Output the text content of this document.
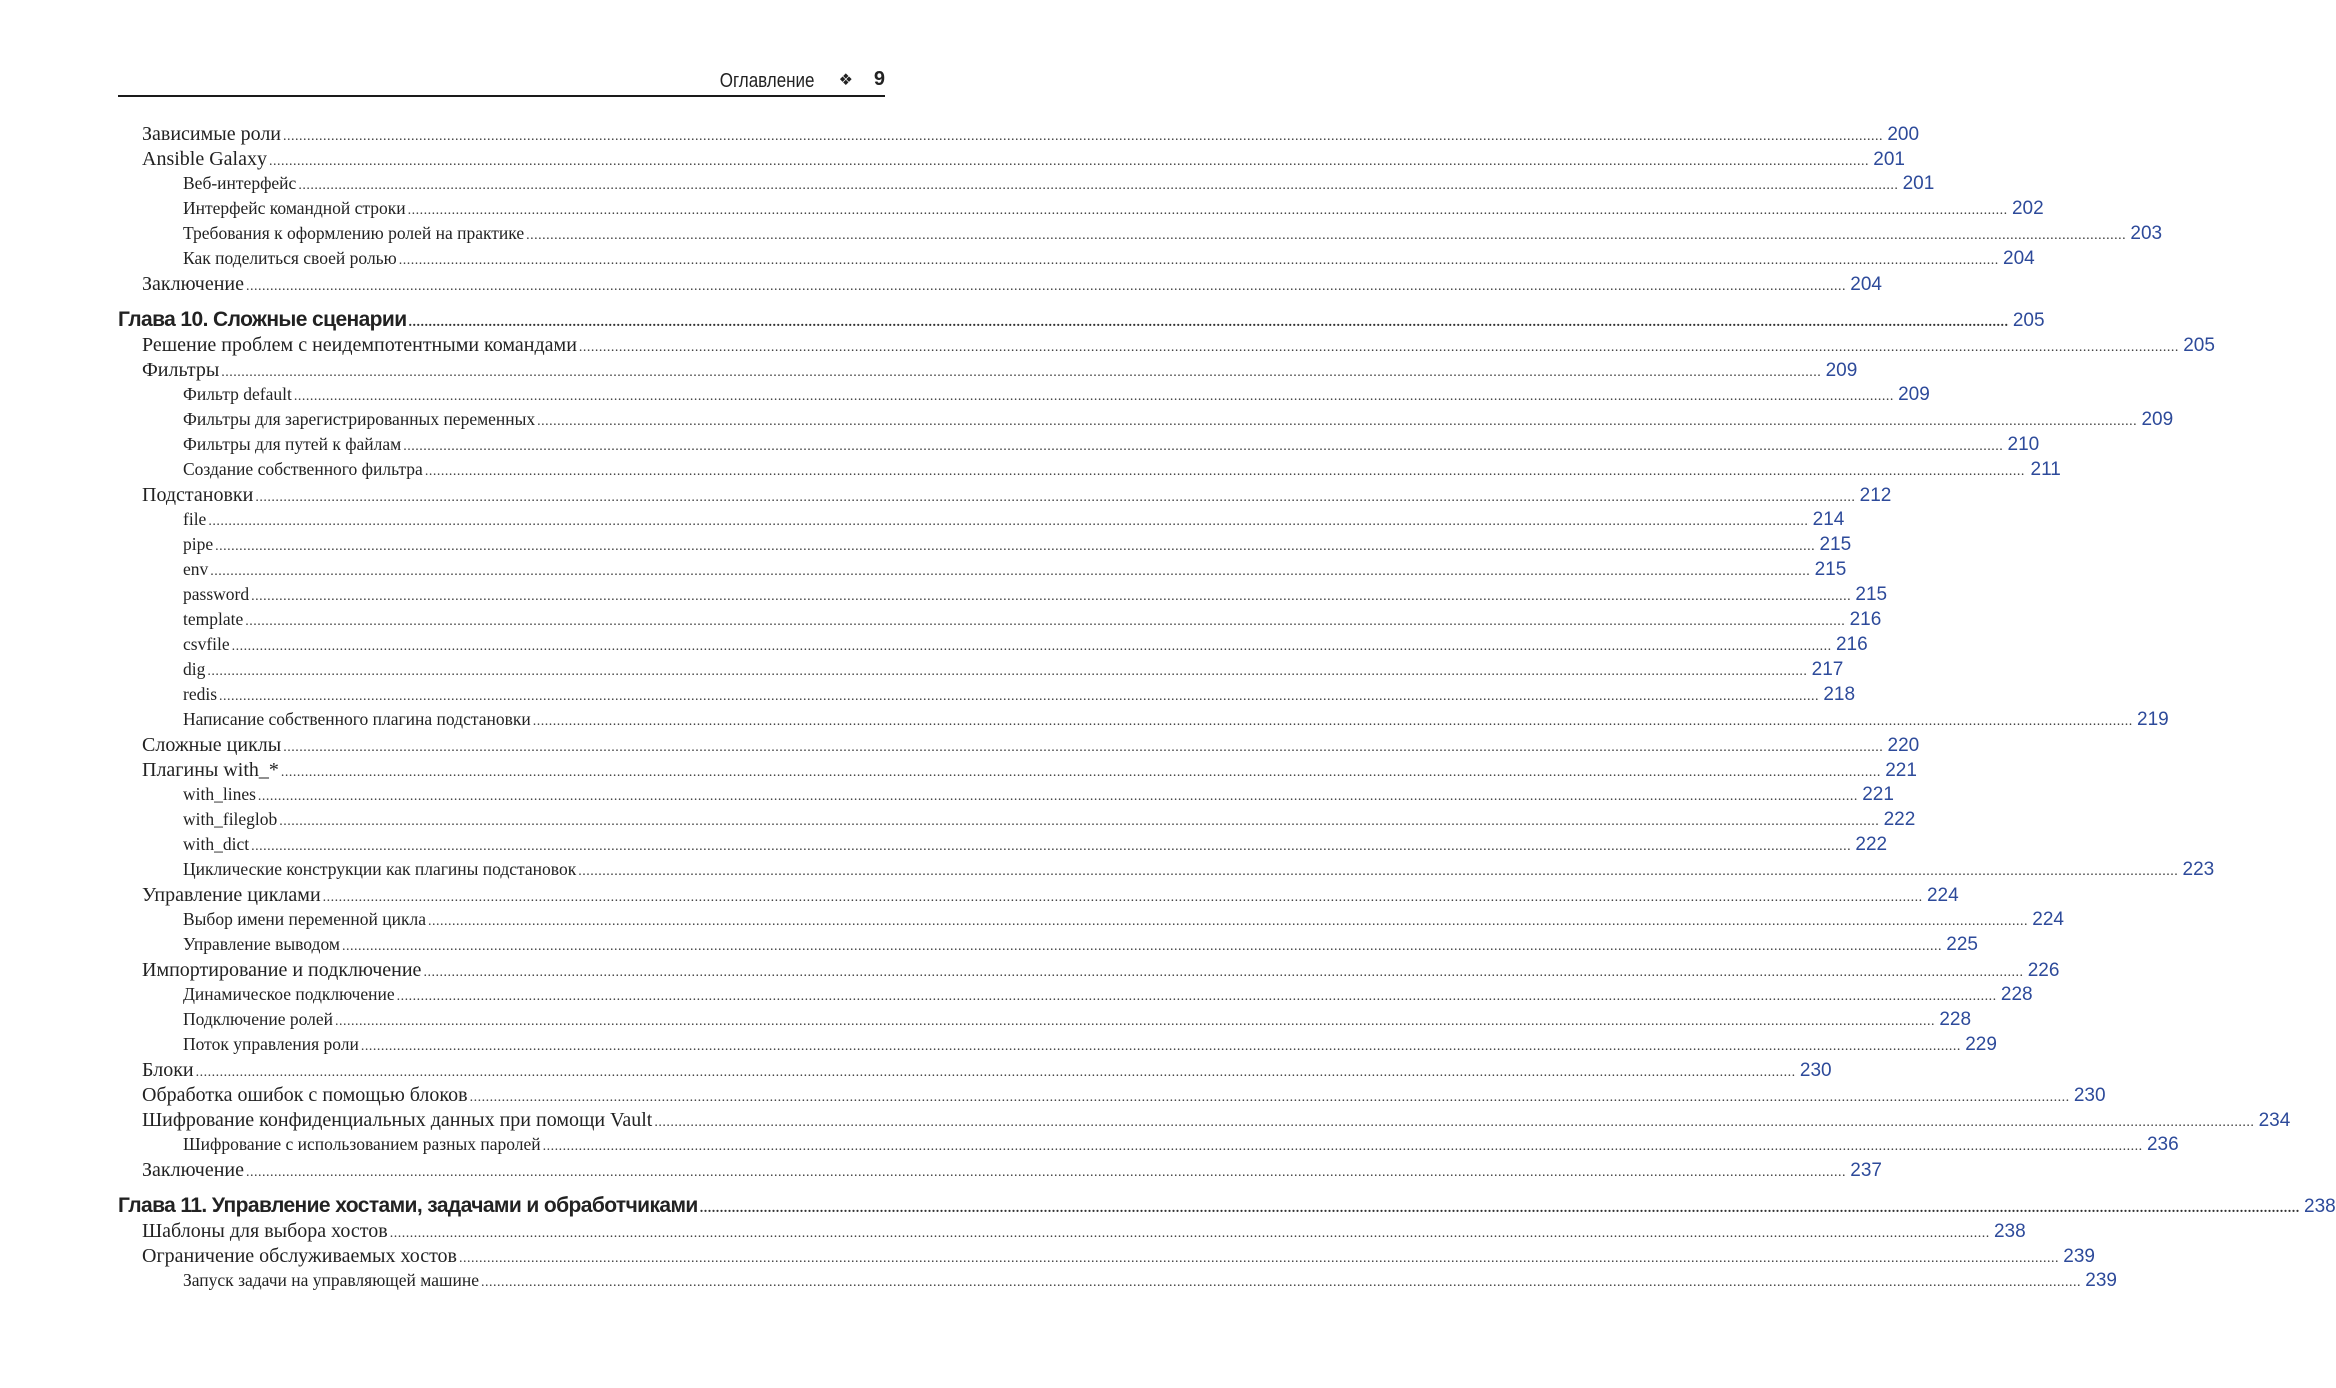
Оглавление ❖ 9
Зависимые роли ................................................................................................................................................................................................................................................................................................................................................................................................................ 200
Ansible Galaxy ................................................................................................................................................................................................................................................................................................................................................................................................................ 201
Веб-интерфейс ................................................................................................................................................................................................................................................................................................................................................................................................................ 201
Интерфейс командной строки ................................................................................................................................................................................................................................................................................................................................................................................................................ 202
Требования к оформлению ролей на практике ................................................................................................................................................................................................................................................................................................................................................................................................................ 203
Как поделиться своей ролью ................................................................................................................................................................................................................................................................................................................................................................................................................ 204
Заключение ................................................................................................................................................................................................................................................................................................................................................................................................................ 204
Глава 10. Сложные сценарии ................................................................................................................................................................................................................................................................................................................................................................................................................ 205
Решение проблем с неидемпотентными командами ................................................................................................................................................................................................................................................................................................................................................................................................................ 205
Фильтры ................................................................................................................................................................................................................................................................................................................................................................................................................ 209
Фильтр default ................................................................................................................................................................................................................................................................................................................................................................................................................ 209
Фильтры для зарегистрированных переменных ................................................................................................................................................................................................................................................................................................................................................................................................................ 209
Фильтры для путей к файлам ................................................................................................................................................................................................................................................................................................................................................................................................................ 210
Создание собственного фильтра ................................................................................................................................................................................................................................................................................................................................................................................................................ 211
Подстановки ................................................................................................................................................................................................................................................................................................................................................................................................................ 212
file ................................................................................................................................................................................................................................................................................................................................................................................................................ 214
pipe ................................................................................................................................................................................................................................................................................................................................................................................................................ 215
env ................................................................................................................................................................................................................................................................................................................................................................................................................ 215
password ................................................................................................................................................................................................................................................................................................................................................................................................................ 215
template ................................................................................................................................................................................................................................................................................................................................................................................................................ 216
csvfile ................................................................................................................................................................................................................................................................................................................................................................................................................ 216
dig ................................................................................................................................................................................................................................................................................................................................................................................................................ 217
redis ................................................................................................................................................................................................................................................................................................................................................................................................................ 218
Написание собственного плагина подстановки ................................................................................................................................................................................................................................................................................................................................................................................................................ 219
Сложные циклы ................................................................................................................................................................................................................................................................................................................................................................................................................ 220
Плагины with_* ................................................................................................................................................................................................................................................................................................................................................................................................................ 221
with_lines ................................................................................................................................................................................................................................................................................................................................................................................................................ 221
with_fileglob ................................................................................................................................................................................................................................................................................................................................................................................................................ 222
with_dict ................................................................................................................................................................................................................................................................................................................................................................................................................ 222
Циклические конструкции как плагины подстановок ................................................................................................................................................................................................................................................................................................................................................................................................................ 223
Управление циклами ................................................................................................................................................................................................................................................................................................................................................................................................................ 224
Выбор имени переменной цикла ................................................................................................................................................................................................................................................................................................................................................................................................................ 224
Управление выводом ................................................................................................................................................................................................................................................................................................................................................................................................................ 225
Импортирование и подключение ................................................................................................................................................................................................................................................................................................................................................................................................................ 226
Динамическое подключение ................................................................................................................................................................................................................................................................................................................................................................................................................ 228
Подключение ролей ................................................................................................................................................................................................................................................................................................................................................................................................................ 228
Поток управления роли ................................................................................................................................................................................................................................................................................................................................................................................................................ 229
Блоки ................................................................................................................................................................................................................................................................................................................................................................................................................ 230
Обработка ошибок с помощью блоков ................................................................................................................................................................................................................................................................................................................................................................................................................ 230
Шифрование конфиденциальных данных при помощи Vault ................................................................................................................................................................................................................................................................................................................................................................................................................ 234
Шифрование с использованием разных паролей ................................................................................................................................................................................................................................................................................................................................................................................................................ 236
Заключение ................................................................................................................................................................................................................................................................................................................................................................................................................ 237
Глава 11. Управление хостами, задачами и обработчиками ................................................................................................................................................................................................................................................................................................................................................................................................................ 238
Шаблоны для выбора хостов ................................................................................................................................................................................................................................................................................................................................................................................................................ 238
Ограничение обслуживаемых хостов ................................................................................................................................................................................................................................................................................................................................................................................................................ 239
Запуск задачи на управляющей машине ................................................................................................................................................................................................................................................................................................................................................................................................................ 239
